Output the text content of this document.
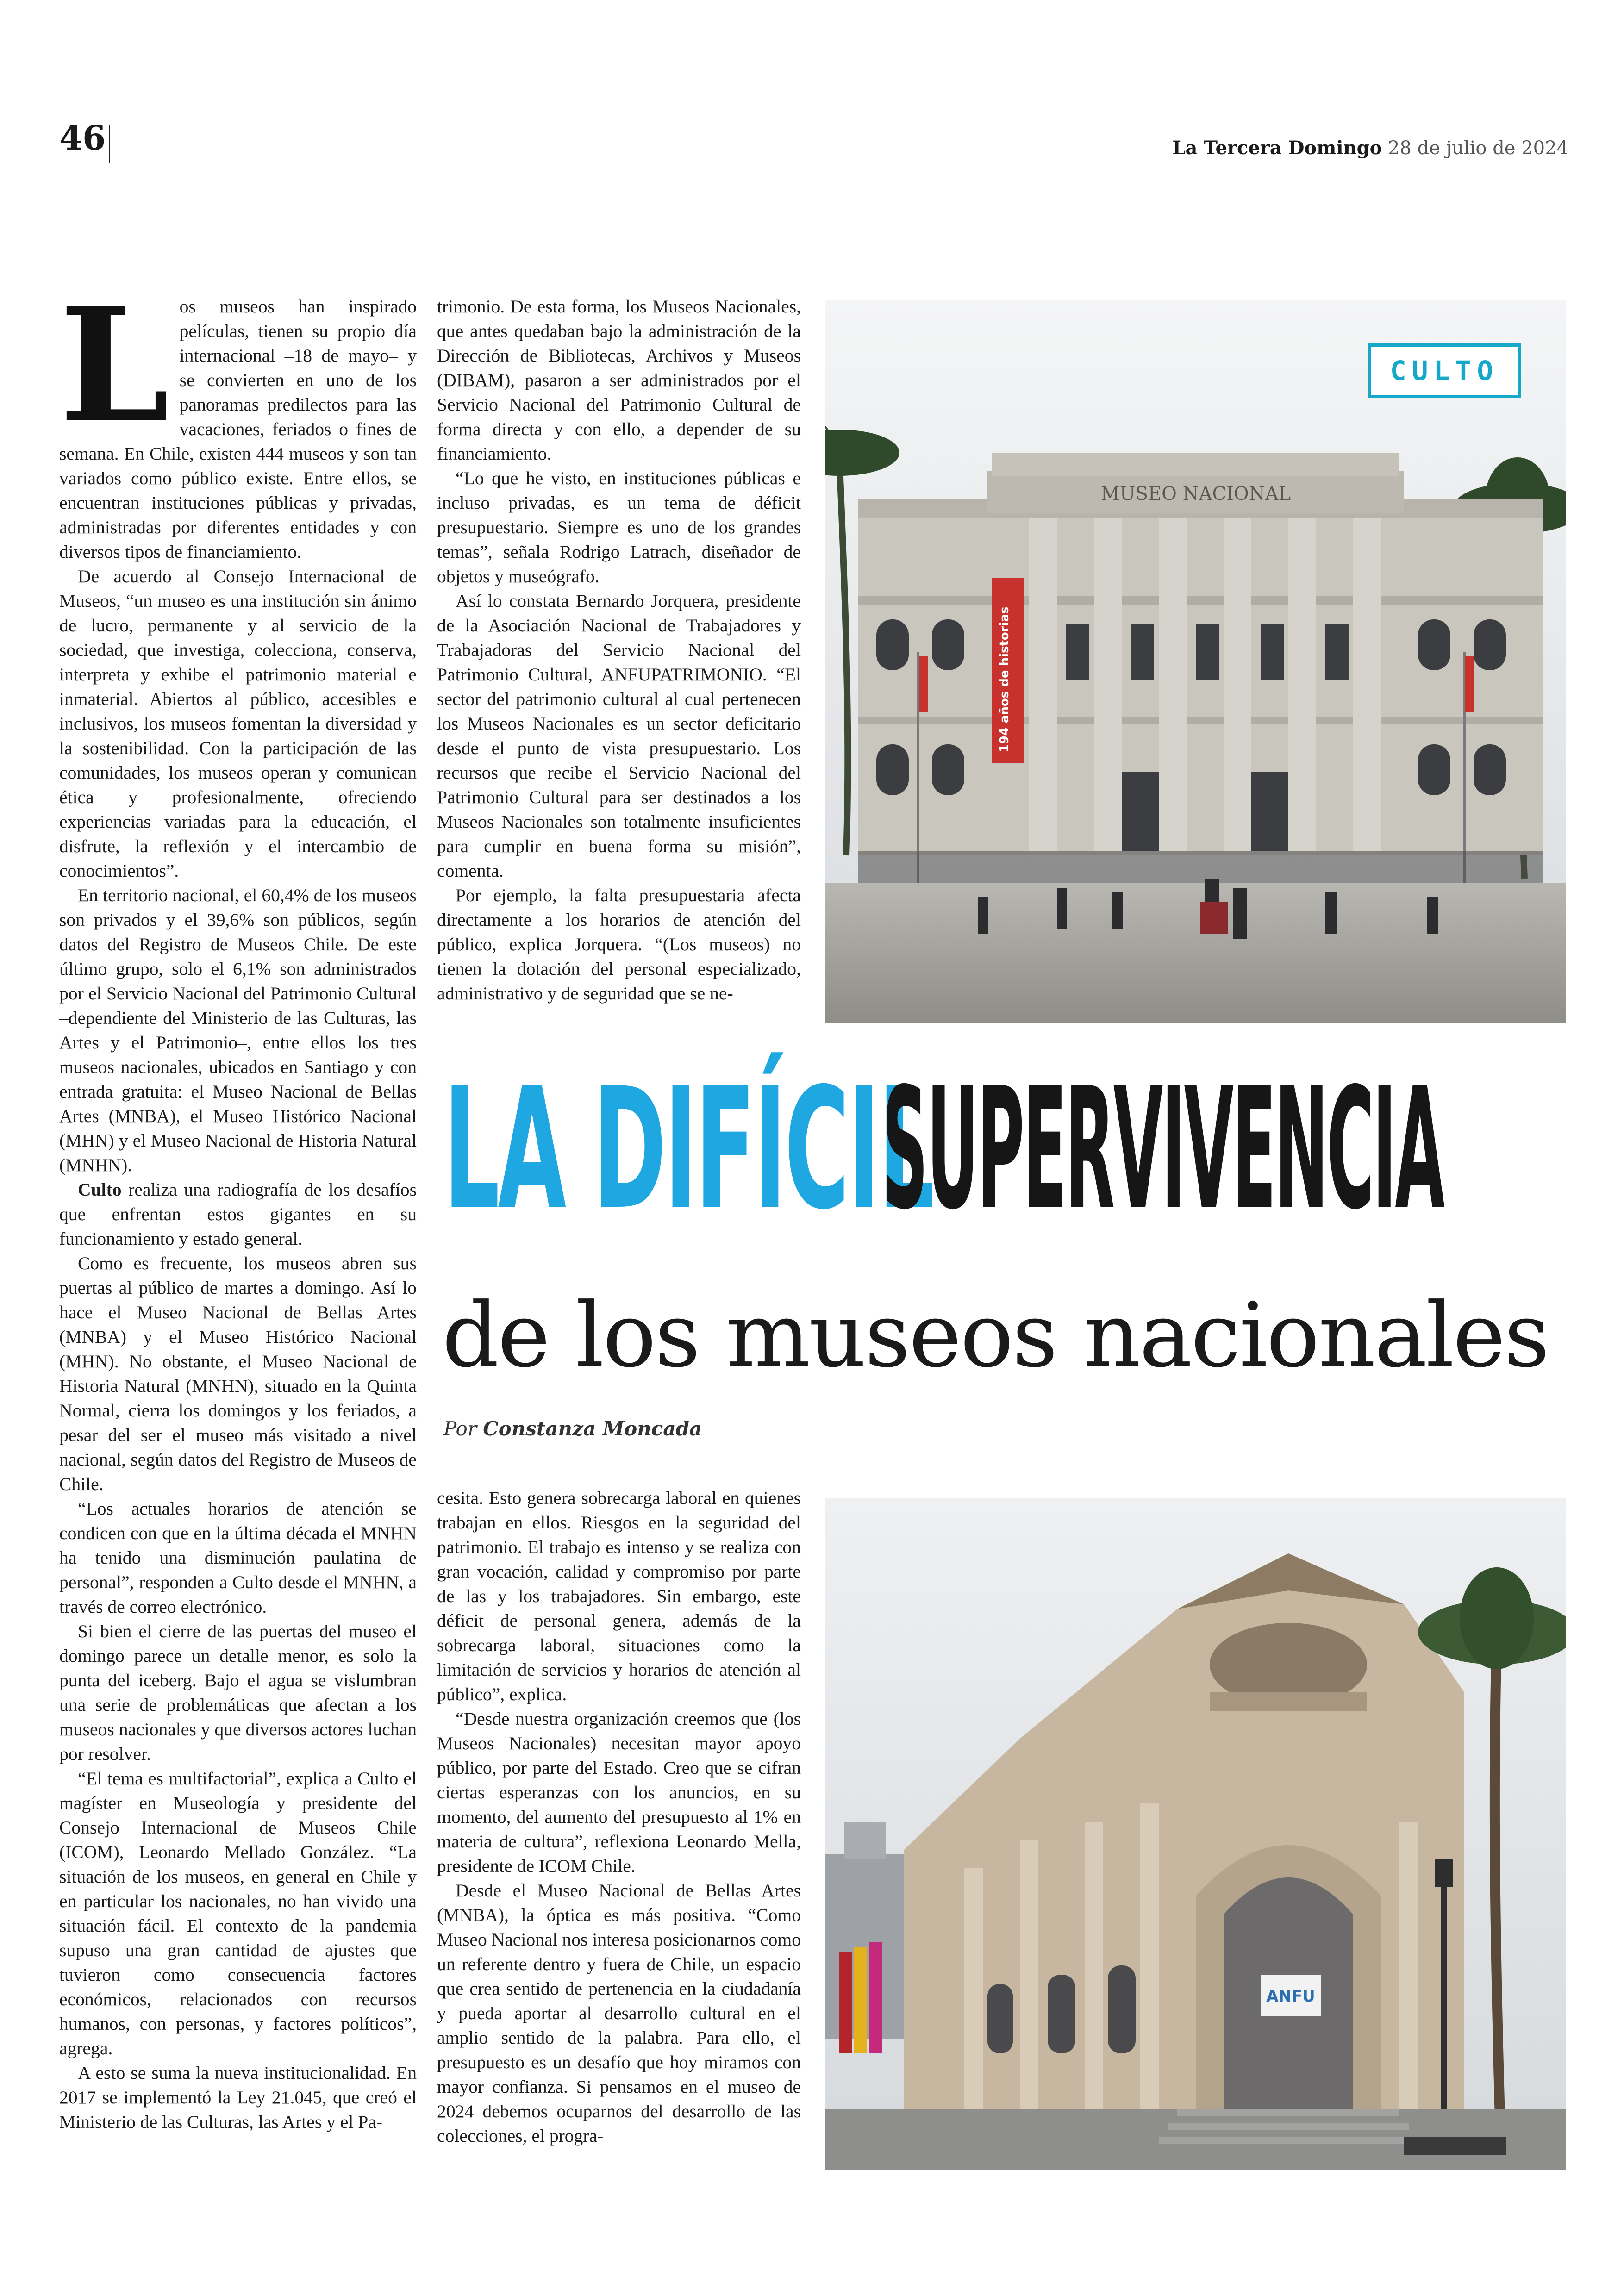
46	La Tercera Domingo 28 de julio de 2024

Los museos han inspirado películas, tienen su propio día internacional –18 de mayo– y se convierten en uno de los panoramas predilectos para las vacaciones, feriados o fines de semana. En Chile, existen 444 museos y son tan variados como público existe. Entre ellos, se encuentran instituciones públicas y privadas, administradas por diferentes entidades y con diversos tipos de financiamiento.

De acuerdo al Consejo Internacional de Museos, “un museo es una institución sin ánimo de lucro, permanente y al servicio de la sociedad, que investiga, colecciona, conserva, interpreta y exhibe el patrimonio material e inmaterial. Abiertos al público, accesibles e inclusivos, los museos fomentan la diversidad y la sostenibilidad. Con la participación de las comunidades, los museos operan y comunican ética y profesionalmente, ofreciendo experiencias variadas para la educación, el disfrute, la reflexión y el intercambio de conocimientos”.

En territorio nacional, el 60,4% de los museos son privados y el 39,6% son públicos, según datos del Registro de Museos Chile. De este último grupo, solo el 6,1% son administrados por el Servicio Nacional del Patrimonio Cultural –dependiente del Ministerio de las Culturas, las Artes y el Patrimonio–, entre ellos los tres museos nacionales, ubicados en Santiago y con entrada gratuita: el Museo Nacional de Bellas Artes (MNBA), el Museo Histórico Nacional (MHN) y el Museo Nacional de Historia Natural (MNHN).

Culto realiza una radiografía de los desafíos que enfrentan estos gigantes en su funcionamiento y estado general.

Como es frecuente, los museos abren sus puertas al público de martes a domingo. Así lo hace el Museo Nacional de Bellas Artes (MNBA) y el Museo Histórico Nacional (MHN). No obstante, el Museo Nacional de Historia Natural (MNHN), situado en la Quinta Normal, cierra los domingos y los feriados, a pesar del ser el museo más visitado a nivel nacional, según datos del Registro de Museos de Chile.

“Los actuales horarios de atención se condicen con que en la última década el MNHN ha tenido una disminución paulatina de personal”, responden a Culto desde el MNHN, a través de correo electrónico.

Si bien el cierre de las puertas del museo el domingo parece un detalle menor, es solo la punta del iceberg. Bajo el agua se vislumbran una serie de problemáticas que afectan a los museos nacionales y que diversos actores luchan por resolver.

“El tema es multifactorial”, explica a Culto el magíster en Museología y presidente del Consejo Internacional de Museos Chile (ICOM), Leonardo Mellado González. “La situación de los museos, en general en Chile y en particular los nacionales, no han vivido una situación fácil. El contexto de la pandemia supuso una gran cantidad de ajustes que tuvieron como consecuencia factores económicos, relacionados con recursos humanos, con personas, y factores políticos”, agrega.

A esto se suma la nueva institucionalidad. En 2017 se implementó la Ley 21.045, que creó el Ministerio de las Culturas, las Artes y el Pa-

trimonio. De esta forma, los Museos Nacionales, que antes quedaban bajo la administración de la Dirección de Bibliotecas, Archivos y Museos (DIBAM), pasaron a ser administrados por el Servicio Nacional del Patrimonio Cultural de forma directa y con ello, a depender de su financiamiento.

“Lo que he visto, en instituciones públicas e incluso privadas, es un tema de déficit presupuestario. Siempre es uno de los grandes temas”, señala Rodrigo Latrach, diseñador de objetos y museógrafo.

Así lo constata Bernardo Jorquera, presidente de la Asociación Nacional de Trabajadores y Trabajadoras del Servicio Nacional del Patrimonio Cultural, ANFUPATRIMONIO. “El sector del patrimonio cultural al cual pertenecen los Museos Nacionales es un sector deficitario desde el punto de vista presupuestario. Los recursos que recibe el Servicio Nacional del Patrimonio Cultural para ser destinados a los Museos Nacionales son totalmente insuficientes para cumplir en buena forma su misión”, comenta.

Por ejemplo, la falta presupuestaria afecta directamente a los horarios de atención del público, explica Jorquera. “(Los museos) no tienen la dotación del personal especializado, administrativo y de seguridad que se ne-

MUSEO NACIONAL
194 años de historias
CULTO
LA DIFÍCIL
SUPERVIVENCIA
de los museos nacionales
Por Constanza Moncada

cesita. Esto genera sobrecarga laboral en quienes trabajan en ellos. Riesgos en la seguridad del patrimonio. El trabajo es intenso y se realiza con gran vocación, calidad y compromiso por parte de las y los trabajadores. Sin embargo, este déficit de personal genera, además de la sobrecarga laboral, situaciones como la limitación de servicios y horarios de atención al público”, explica.

“Desde nuestra organización creemos que (los Museos Nacionales) necesitan mayor apoyo público, por parte del Estado. Creo que se cifran ciertas esperanzas con los anuncios, en su momento, del aumento del presupuesto al 1% en materia de cultura”, reflexiona Leonardo Mella, presidente de ICOM Chile.

Desde el Museo Nacional de Bellas Artes (MNBA), la óptica es más positiva. “Como Museo Nacional nos interesa posicionarnos como un referente dentro y fuera de Chile, un espacio que crea sentido de pertenencia en la ciudadanía y pueda aportar al desarrollo cultural en el amplio sentido de la palabra. Para ello, el presupuesto es un desafío que hoy miramos con mayor confianza. Si pensamos en el museo de 2024 debemos ocuparnos del desarrollo de las colecciones, el progra-

ANFU
